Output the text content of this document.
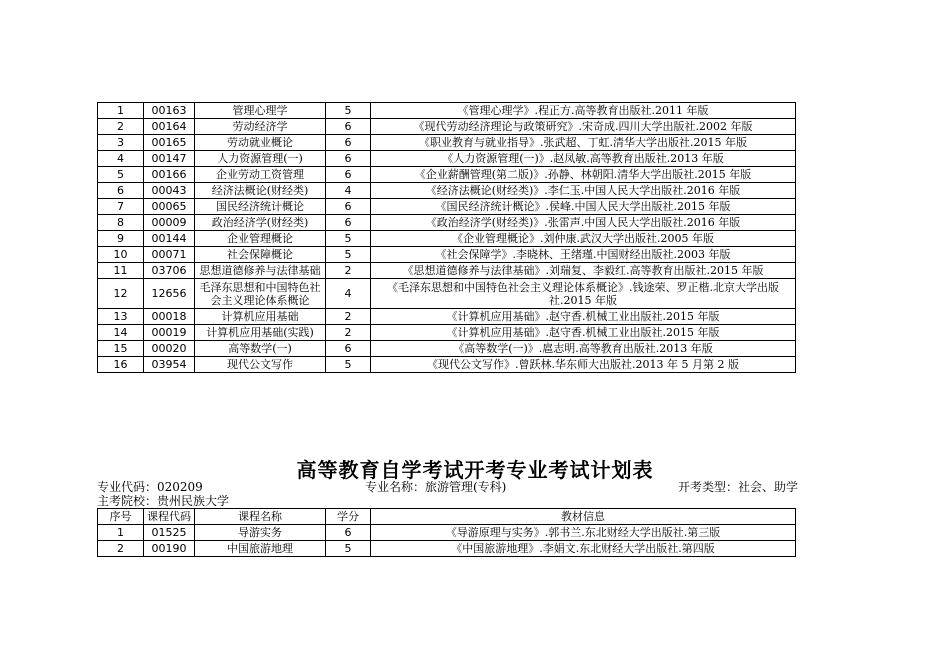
1	00163	管理心理学	5	《管理心理学》.程正方.高等教育出版社.2011 年版
2	00164	劳动经济学	6	《现代劳动经济理论与政策研究》.宋奇成.四川大学出版社.2002 年版
3	00165	劳动就业概论	6	《职业教育与就业指导》.张武超、丁虹.清华大学出版社.2015 年版
4	00147	人力资源管理(一)	6	《人力资源管理(一)》.赵凤敏.高等教育出版社.2013 年版
5	00166	企业劳动工资管理	6	《企业薪酬管理(第二版)》.孙静、林朝阳.清华大学出版社.2015 年版
6	00043	经济法概论(财经类)	4	《经济法概论(财经类)》.李仁玉.中国人民大学出版社.2016 年版
7	00065	国民经济统计概论	6	《国民经济统计概论》.侯峰.中国人民大学出版社.2015 年版
8	00009	政治经济学(财经类)	6	《政治经济学(财经类)》.张雷声.中国人民大学出版社.2016 年版
9	00144	企业管理概论	5	《企业管理概论》.刘仲康.武汉大学出版社.2005 年版
10	00071	社会保障概论	5	《社会保障学》.李晓林、王绪瑾.中国财经出版社.2003 年版
11	03706	思想道德修养与法律基础	2	《思想道德修养与法律基础》.刘瑞复、李毅红.高等教育出版社.2015 年版
12	12656	毛泽东思想和中国特色社会主义理论体系概论	4	《毛泽东思想和中国特色社会主义理论体系概论》.钱途荣、罗正楷.北京大学出版社.2015 年版
13	00018	计算机应用基础	2	《计算机应用基础》.赵守香.机械工业出版社.2015 年版
14	00019	计算机应用基础(实践)	2	《计算机应用基础》.赵守香.机械工业出版社.2015 年版
15	00020	高等数学(一)	6	《高等数学(一)》.扈志明.高等教育出版社.2013 年版
16	03954	现代公文写作	5	《现代公文写作》.曾跃林.华东师大出版社.2013 年 5 月第 2 版
高等教育自学考试开考专业考试计划表
专业代码：020209	专业名称：旅游管理(专科)	开考类型：社会、助学
主考院校：贵州民族大学
序号	课程代码	课程名称	学分	教材信息
1	01525	导游实务	6	《导游原理与实务》.郭书兰.东北财经大学出版社.第三版
2	00190	中国旅游地理	5	《中国旅游地理》.李娟文.东北财经大学出版社.第四版
